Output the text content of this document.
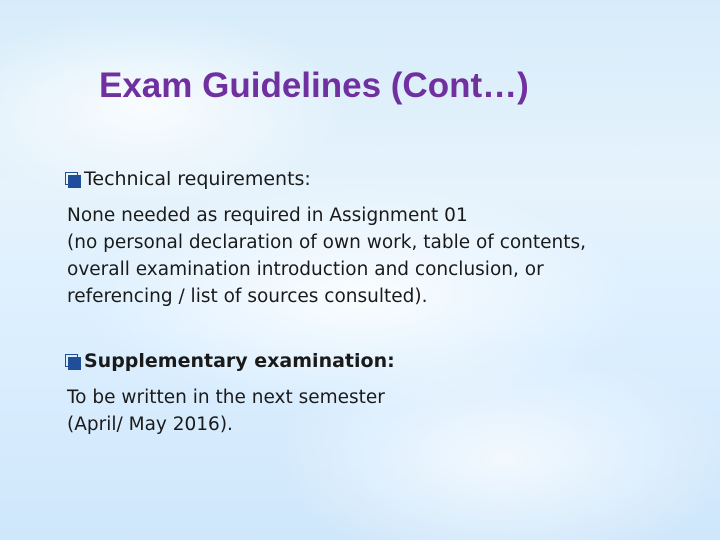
Exam Guidelines (Cont…)
Technical requirements:

None needed as required in Assignment 01
(no personal declaration of own work, table of contents,
overall examination introduction and conclusion, or
referencing / list of sources consulted).

Supplementary examination:

To be written in the next semester
(April/ May 2016).
